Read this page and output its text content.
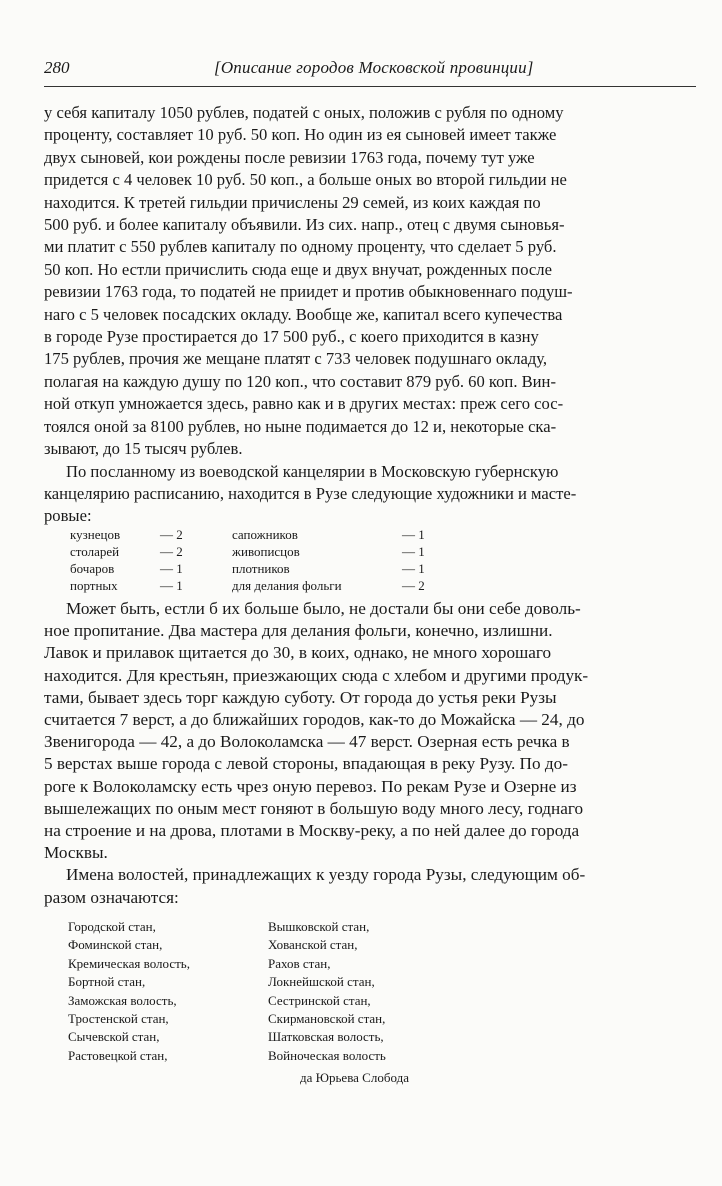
280	[Описание городов Московской провинции]

у себя капиталу 1050 рублев, податей с оных, положив с рубля по одному
проценту, составляет 10 руб. 50 коп. Но один из ея сыновей имеет также
двух сыновей, кои рождены после ревизии 1763 года, почему тут уже
придется с 4 человек 10 руб. 50 коп., а больше оных во второй гильдии не
находится. К третей гильдии причислены 29 семей, из коих каждая по
500 руб. и более капиталу объявили. Из сих. напр., отец с двумя сыновья-
ми платит с 550 рублев капиталу по одному проценту, что сделает 5 руб.
50 коп. Но естли причислить сюда еще и двух внучат, рожденных после
ревизии 1763 года, то податей не приидет и против обыкновеннаго подуш-
наго с 5 человек посадских окладу. Вообще же, капитал всего купечества
в городе Рузе простирается до 17 500 руб., с коего приходится в казну
175 рублев, прочия же мещане платят с 733 человек подушнаго окладу,
полагая на каждую душу по 120 коп., что составит 879 руб. 60 коп. Вин-
ной откуп умножается здесь, равно как и в других местах: преж сего сос-
тоялся оной за 8100 рублев, но ныне подимается до 12 и, некоторые ска-
зывают, до 15 тысяч рублев.

По посланному из воеводской канцелярии в Московскую губернскую
канцелярию расписанию, находится в Рузе следующие художники и масте-
ровые:

кузнецов	— 2	сапожников	— 1
столарей	— 2	живописцов	— 1
бочаров	— 1	плотников	— 1
портных	— 1	для делания фольги	— 2

Может быть, естли б их больше было, не достали бы они себе доволь-
ное пропитание. Два мастера для делания фольги, конечно, излишни.
Лавок и прилавок щитается до 30, в коих, однако, не много хорошаго
находится. Для крестьян, приезжающих сюда с хлебом и другими продук-
тами, бывает здесь торг каждую суботу. От города до устья реки Рузы
считается 7 верст, а до ближайших городов, как-то до Можайска — 24, до
Звенигорода — 42, а до Волоколамска — 47 верст. Озерная есть речка в
5 верстах выше города с левой стороны, впадающая в реку Рузу. По до-
роге к Волоколамску есть чрез оную перевоз. По рекам Рузе и Озерне из
вышележащих по оным мест гоняют в большую воду много лесу, годнаго
на строение и на дрова, плотами в Москву-реку, а по ней далее до города
Москвы.

Имена волостей, принадлежащих к уезду города Рузы, следующим об-
разом означаются:

Городской стан,	Вышковской стан,
Фоминской стан,	Хованской стан,
Кремическая волость,	Рахов стан,
Бортной стан,	Локнейшской стан,
Заможская волость,	Сестринской стан,
Тростенской стан,	Скирмановской стан,
Сычевской стан,	Шатковская волость,
Растовецкой стан,	Войноческая волость
да Юрьева Слобода
